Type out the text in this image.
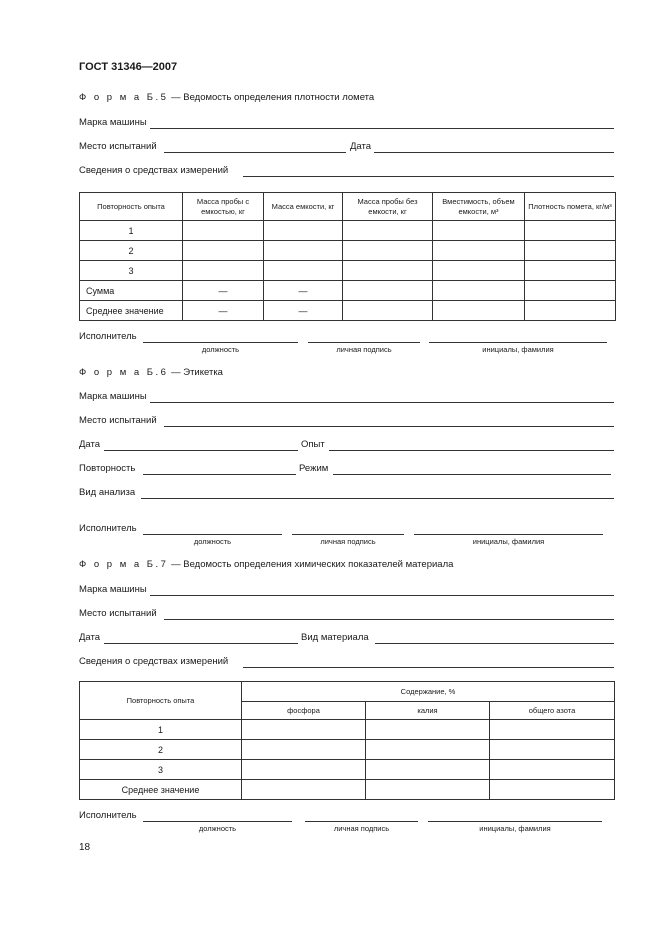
ГОСТ 31346—2007
Ф о р м а Б.5 — Ведомость определения плотности ломета
Марка машины
Место испытаний	Дата
Сведения о средствах измерений
Повторность опыта	Масса пробы с емкостью, кг	Масса емкости, кг	Масса пробы без емкости, кг	Вместимость, объем емкости, м³	Плотность помета, кг/м³
1					
2					
3					
Сумма	—	—			
Среднее значение	—	—			
Исполнитель
должность	личная подпись	инициалы, фамилия
Ф о р м а Б.6 — Этикетка
Марка машины
Место испытаний
Дата	Опыт
Повторность	Режим
Вид анализа
Исполнитель
должность	личная подпись	инициалы, фамилия
Ф о р м а Б.7 — Ведомость определения химических показателей материала
Марка машины
Место испытаний
Дата	Вид материала
Сведения о средствах измерений
Повторность опыта	Содержание, %		
	фосфора	калия	общего азота
1			
2			
3			
Среднее значение			
Исполнитель
должность	личная подпись	инициалы, фамилия
18
